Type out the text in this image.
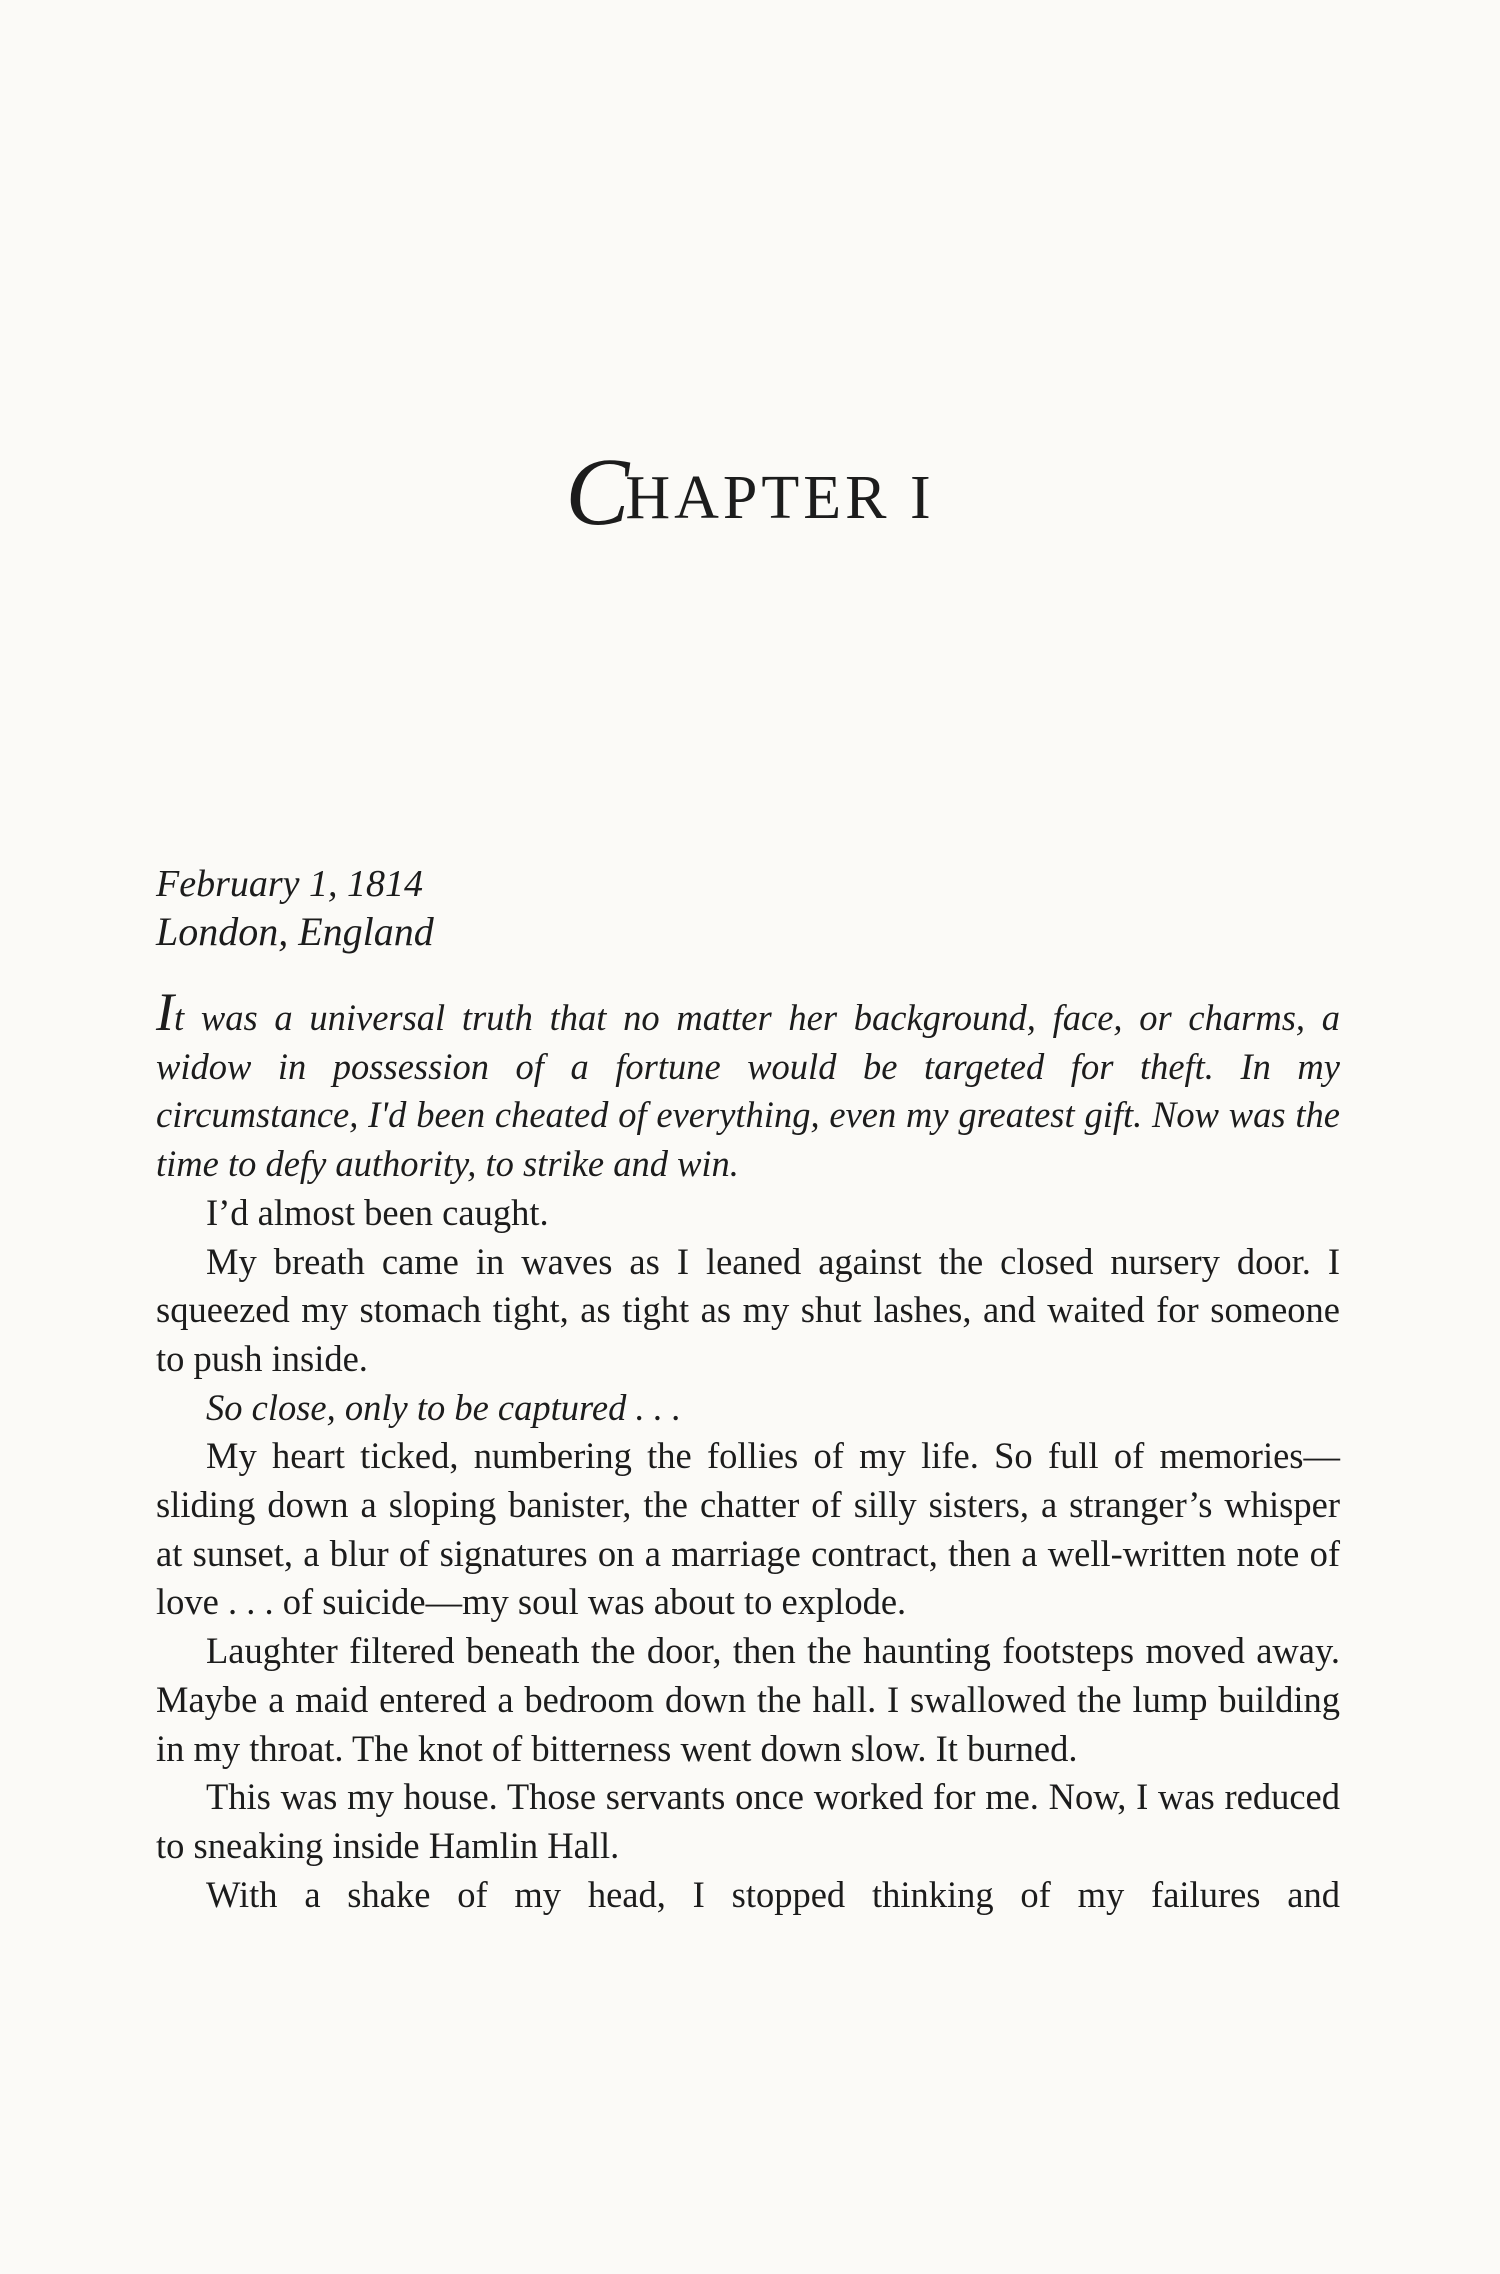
CHAPTER I
February 1, 1814
London, England

It was a universal truth that no matter her background, face, or charms, a widow in possession of a fortune would be targeted for theft. In my circumstance, I'd been cheated of everything, even my greatest gift. Now was the time to defy authority, to strike and win.

I’d almost been caught.

My breath came in waves as I leaned against the closed nursery door. I squeezed my stomach tight, as tight as my shut lashes, and waited for someone to push inside.

So close, only to be captured . . .

My heart ticked, numbering the follies of my life. So full of memories—sliding down a sloping banister, the chatter of silly sisters, a stranger’s whisper at sunset, a blur of signatures on a marriage contract, then a well-written note of love . . . of suicide—my soul was about to explode.

Laughter filtered beneath the door, then the haunting footsteps moved away. Maybe a maid entered a bedroom down the hall. I swallowed the lump building in my throat. The knot of bitterness went down slow. It burned.

This was my house. Those servants once worked for me. Now, I was reduced to sneaking inside Hamlin Hall.

With a shake of my head, I stopped thinking of my failures and
